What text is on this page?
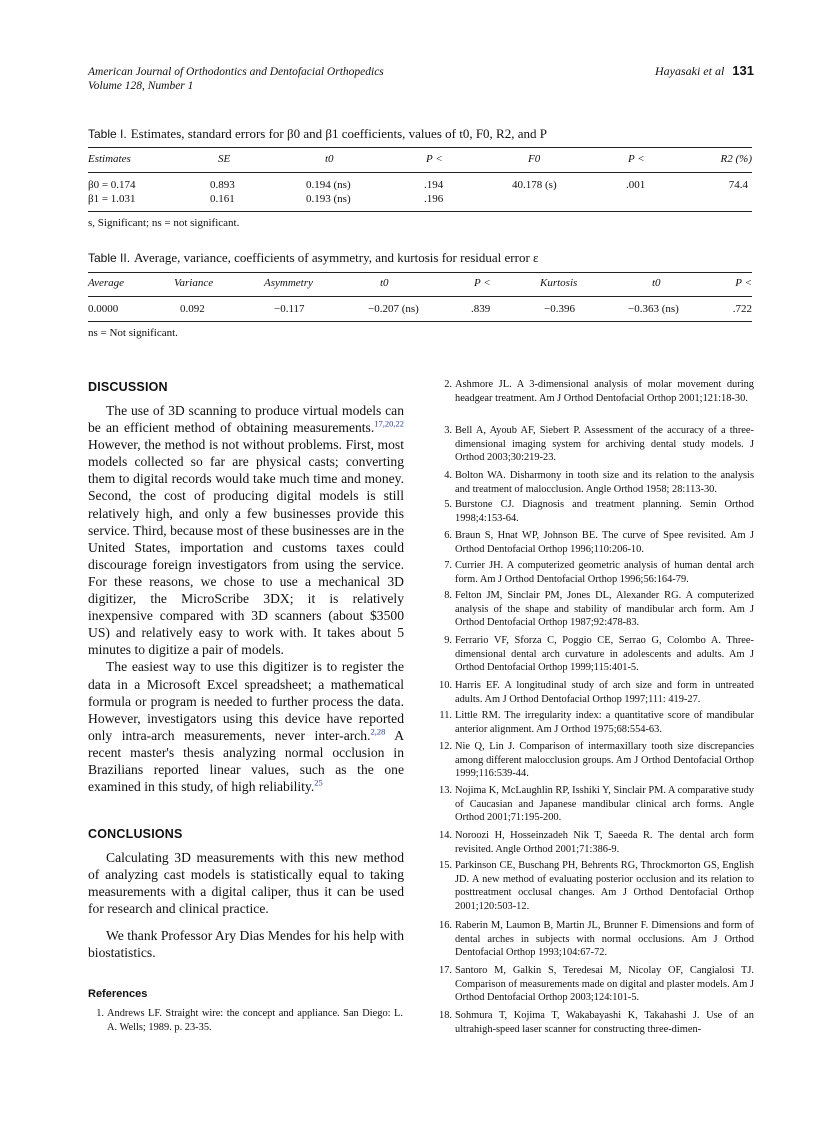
American Journal of Orthodontics and Dentofacial Orthopedics
Volume 128, Number 1
Hayasaki et al 131
Table I. Estimates, standard errors for β0 and β1 coefficients, values of t0, F0, R2, and P
Estimates	SE	t0	P <	F0	P <	R2 (%)
β0 = 0.174	0.893	0.194 (ns)	.194	40.178 (s)	.001	74.4
β1 = 1.031	0.161	0.193 (ns)	.196
s, Significant; ns = not significant.
Table II. Average, variance, coefficients of asymmetry, and kurtosis for residual error ε
Average	Variance	Asymmetry	t0	P <	Kurtosis	t0	P <
0.0000	0.092	−0.117	−0.207 (ns)	.839	−0.396	−0.363 (ns)	.722
ns = Not significant.
DISCUSSION

The use of 3D scanning to produce virtual models can be an efficient method of obtaining measurements.$^{17,20,22}$ However, the method is not without problems. First, most models collected so far are physical casts; converting them to digital records would take much time and money. Second, the cost of producing digital models is still relatively high, and only a few businesses provide this service. Third, because most of these businesses are in the United States, importation and customs taxes could discourage foreign investigators from using the service. For these reasons, we chose to use a mechanical 3D digitizer, the MicroScribe 3DX; it is relatively inexpensive compared with 3D scanners (about $3500 US) and relatively easy to work with. It takes about 5 minutes to digitize a pair of models.

The easiest way to use this digitizer is to register the data in a Microsoft Excel spreadsheet; a mathematical formula or program is needed to further process the data. However, investigators using this device have reported only intra-arch measurements, never inter-arch.$^{2,28}$ A recent master's thesis analyzing normal occlusion in Brazilians reported linear values, such as the one examined in this study, of high reliability.$^{25}$

CONCLUSIONS

Calculating 3D measurements with this new method of analyzing cast models is statistically equal to taking measurements with a digital caliper, thus it can be used for research and clinical practice.

We thank Professor Ary Dias Mendes for his help with biostatistics.

References
1. Andrews LF. Straight wire: the concept and appliance. San Diego: L. A. Wells; 1989. p. 23-35.
2. Ashmore JL. A 3-dimensional analysis of molar movement during headgear treatment. Am J Orthod Dentofacial Orthop 2001;121:18-30.
3. Bell A, Ayoub AF, Siebert P. Assessment of the accuracy of a three-dimensional imaging system for archiving dental study models. J Orthod 2003;30:219-23.
4. Bolton WA. Disharmony in tooth size and its relation to the analysis and treatment of malocclusion. Angle Orthod 1958; 28:113-30.
5. Burstone CJ. Diagnosis and treatment planning. Semin Orthod 1998;4:153-64.
6. Braun S, Hnat WP, Johnson BE. The curve of Spee revisited. Am J Orthod Dentofacial Orthop 1996;110:206-10.
7. Currier JH. A computerized geometric analysis of human dental arch form. Am J Orthod Dentofacial Orthop 1996;56:164-79.
8. Felton JM, Sinclair PM, Jones DL, Alexander RG. A computerized analysis of the shape and stability of mandibular arch form. Am J Orthod Dentofacial Orthop 1987;92:478-83.
9. Ferrario VF, Sforza C, Poggio CE, Serrao G, Colombo A. Three-dimensional dental arch curvature in adolescents and adults. Am J Orthod Dentofacial Orthop 1999;115:401-5.
10. Harris EF. A longitudinal study of arch size and form in untreated adults. Am J Orthod Dentofacial Orthop 1997;111: 419-27.
11. Little RM. The irregularity index: a quantitative score of mandibular anterior alignment. Am J Orthod 1975;68:554-63.
12. Nie Q, Lin J. Comparison of intermaxillary tooth size discrepancies among different malocclusion groups. Am J Orthod Dentofacial Orthop 1999;116:539-44.
13. Nojima K, McLaughlin RP, Isshiki Y, Sinclair PM. A comparative study of Caucasian and Japanese mandibular clinical arch forms. Angle Orthod 2001;71:195-200.
14. Noroozi H, Hosseinzadeh Nik T, Saeeda R. The dental arch form revisited. Angle Orthod 2001;71:386-9.
15. Parkinson CE, Buschang PH, Behrents RG, Throckmorton GS, English JD. A new method of evaluating posterior occlusion and its relation to posttreatment occlusal changes. Am J Orthod Dentofacial Orthop 2001;120:503-12.
16. Raberin M, Laumon B, Martin JL, Brunner F. Dimensions and form of dental arches in subjects with normal occlusions. Am J Orthod Dentofacial Orthop 1993;104:67-72.
17. Santoro M, Galkin S, Teredesai M, Nicolay OF, Cangialosi TJ. Comparison of measurements made on digital and plaster models. Am J Orthod Dentofacial Orthop 2003;124:101-5.
18. Sohmura T, Kojima T, Wakabayashi K, Takahashi J. Use of an ultrahigh-speed laser scanner for constructing three-dimen-
